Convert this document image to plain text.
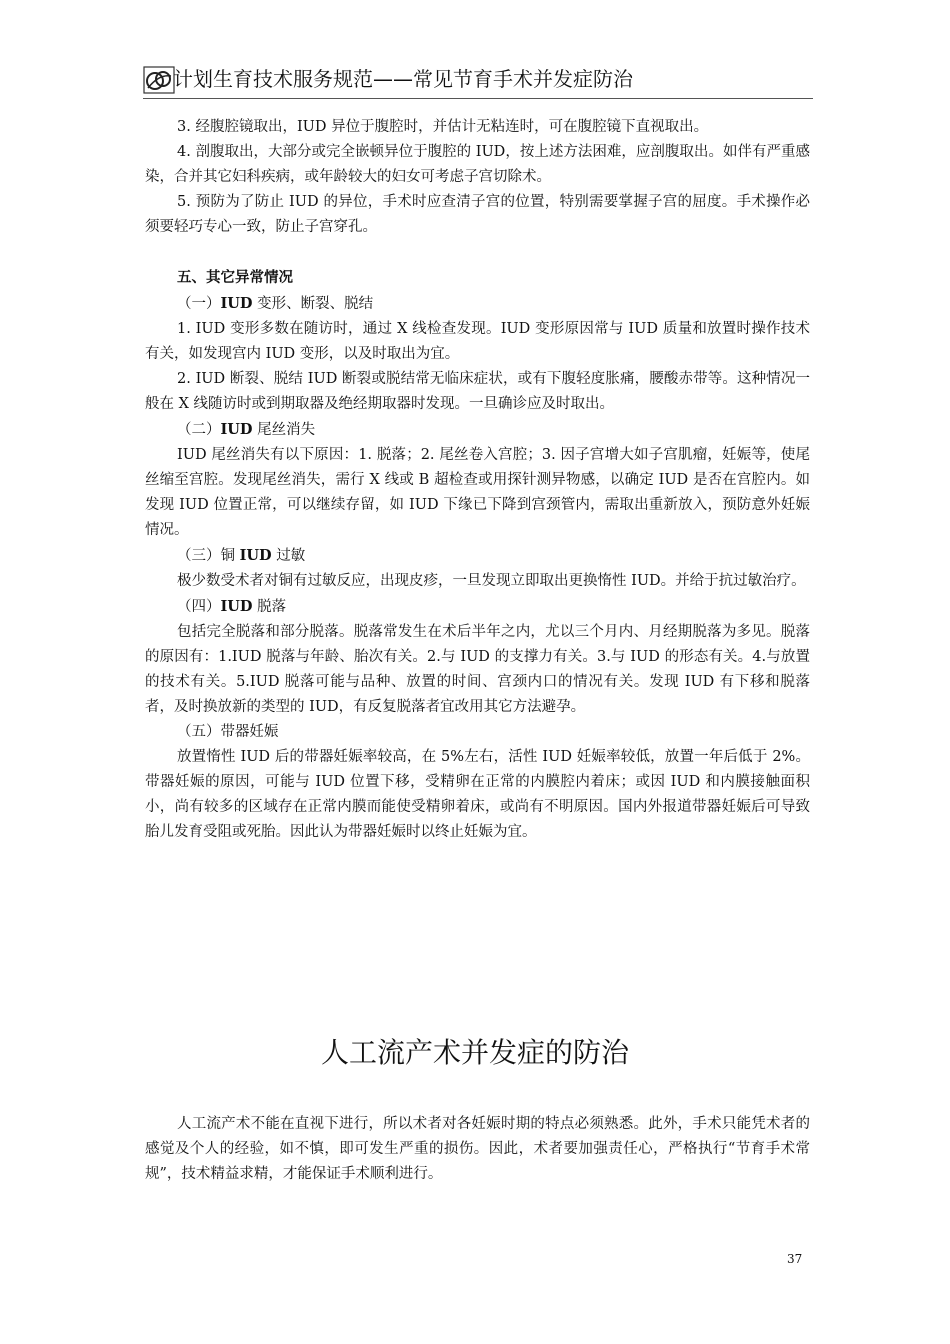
计划生育技术服务规范——常见节育手术并发症防治

3. 经腹腔镜取出，IUD 异位于腹腔时，并估计无粘连时，可在腹腔镜下直视取出。

4. 剖腹取出，大部分或完全嵌顿异位于腹腔的 IUD，按上述方法困难，应剖腹取出。如伴有严重感染，合并其它妇科疾病，或年龄较大的妇女可考虑子宫切除术。

5. 预防为了防止 IUD 的异位，手术时应查清子宫的位置，特别需要掌握子宫的屈度。手术操作必须要轻巧专心一致，防止子宫穿孔。

五、其它异常情况

（一）IUD 变形、断裂、脱结

1. IUD 变形多数在随访时，通过 X 线检查发现。IUD 变形原因常与 IUD 质量和放置时操作技术有关，如发现宫内 IUD 变形，以及时取出为宜。

2. IUD 断裂、脱结 IUD 断裂或脱结常无临床症状，或有下腹轻度胀痛，腰酸赤带等。这种情况一般在 X 线随访时或到期取器及绝经期取器时发现。一旦确诊应及时取出。

（二）IUD 尾丝消失

IUD 尾丝消失有以下原因：1. 脱落；2. 尾丝卷入宫腔；3. 因子宫增大如子宫肌瘤，妊娠等，使尾丝缩至宫腔。发现尾丝消失，需行 X 线或 B 超检查或用探针测异物感，以确定 IUD 是否在宫腔内。如发现 IUD 位置正常，可以继续存留，如 IUD 下缘已下降到宫颈管内，需取出重新放入，预防意外妊娠情况。

（三）铜 IUD 过敏

极少数受术者对铜有过敏反应，出现皮疹，一旦发现立即取出更换惰性 IUD。并给于抗过敏治疗。

（四）IUD 脱落

包括完全脱落和部分脱落。脱落常发生在术后半年之内，尤以三个月内、月经期脱落为多见。脱落的原因有：1.IUD 脱落与年龄、胎次有关。2.与 IUD 的支撑力有关。3.与 IUD 的形态有关。4.与放置的技术有关。5.IUD 脱落可能与品种、放置的时间、宫颈内口的情况有关。发现 IUD 有下移和脱落者，及时换放新的类型的 IUD，有反复脱落者宜改用其它方法避孕。

（五）带器妊娠

放置惰性 IUD 后的带器妊娠率较高，在 5%左右，活性 IUD 妊娠率较低，放置一年后低于 2%。带器妊娠的原因，可能与 IUD 位置下移，受精卵在正常的内膜腔内着床；或因 IUD 和内膜接触面积小，尚有较多的区域存在正常内膜而能使受精卵着床，或尚有不明原因。国内外报道带器妊娠后可导致胎儿发育受阻或死胎。因此认为带器妊娠时以终止妊娠为宜。

人工流产术并发症的防治

人工流产术不能在直视下进行，所以术者对各妊娠时期的特点必须熟悉。此外，手术只能凭术者的感觉及个人的经验，如不慎，即可发生严重的损伤。因此，术者要加强责任心，严格执行“节育手术常规”，技术精益求精，才能保证手术顺利进行。

37
